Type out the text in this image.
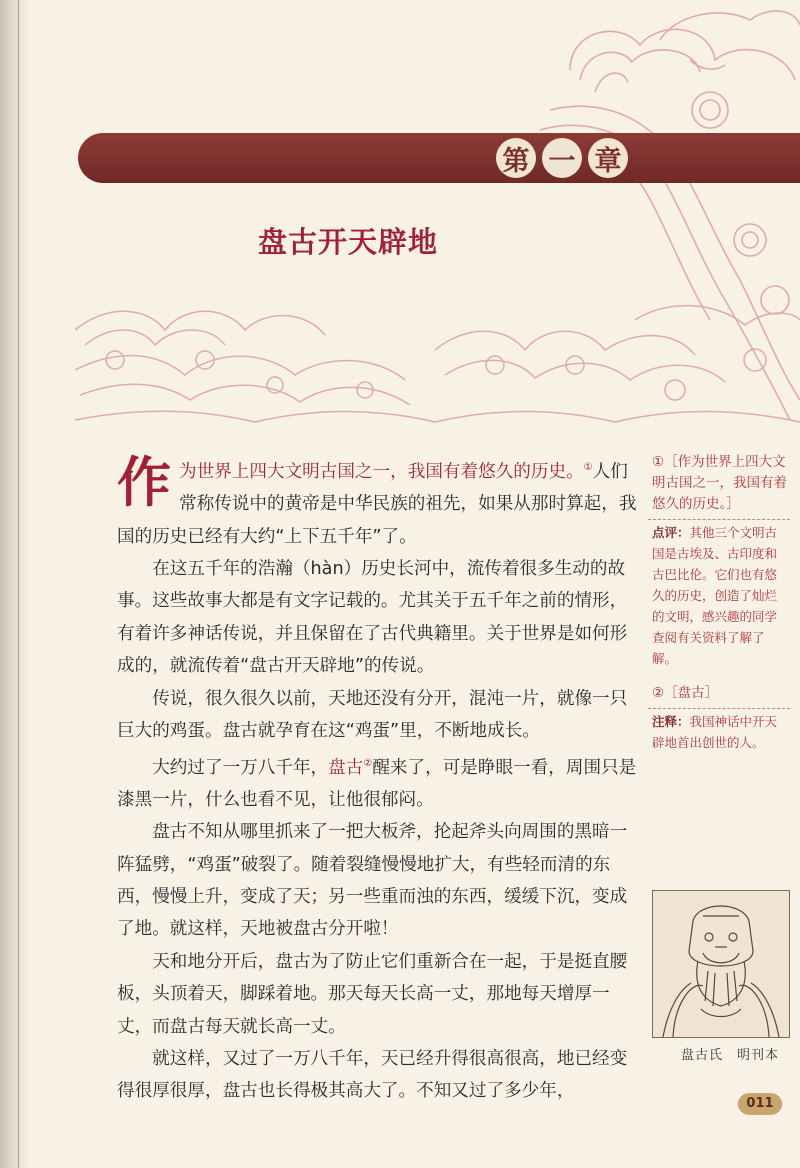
第 一 章
盘古开天辟地

作为世界上四大文明古国之一，我国有着悠久的历史。①人们常称传说中的黄帝是中华民族的祖先，如果从那时算起，我国的历史已经有大约“上下五千年”了。

在这五千年的浩瀚（hàn）历史长河中，流传着很多生动的故事。这些故事大都是有文字记载的。尤其关于五千年之前的情形，有着许多神话传说，并且保留在了古代典籍里。关于世界是如何形成的，就流传着“盘古开天辟地”的传说。

传说，很久很久以前，天地还没有分开，混沌一片，就像一只巨大的鸡蛋。盘古就孕育在这“鸡蛋”里，不断地成长。

大约过了一万八千年，盘古②醒来了，可是睁眼一看，周围只是漆黑一片，什么也看不见，让他很郁闷。

盘古不知从哪里抓来了一把大板斧，抡起斧头向周围的黑暗一阵猛劈，“鸡蛋”破裂了。随着裂缝慢慢地扩大，有些轻而清的东西，慢慢上升，变成了天；另一些重而浊的东西，缓缓下沉，变成了地。就这样，天地被盘古分开啦！

天和地分开后，盘古为了防止它们重新合在一起，于是挺直腰板，头顶着天，脚踩着地。那天每天长高一丈，那地每天增厚一丈，而盘古每天就长高一丈。

就这样，又过了一万八千年，天已经升得很高很高，地已经变得很厚很厚，盘古也长得极其高大了。不知又过了多少年，

①［作为世界上四大文明古国之一，我国有着悠久的历史。］
点评：其他三个文明古国是古埃及、古印度和古巴比伦。它们也有悠久的历史，创造了灿烂的文明，感兴趣的同学查阅有关资料了解了解。
②［盘古］
注释：我国神话中开天辟地首出创世的人。
盘古氏　明刊本
011
